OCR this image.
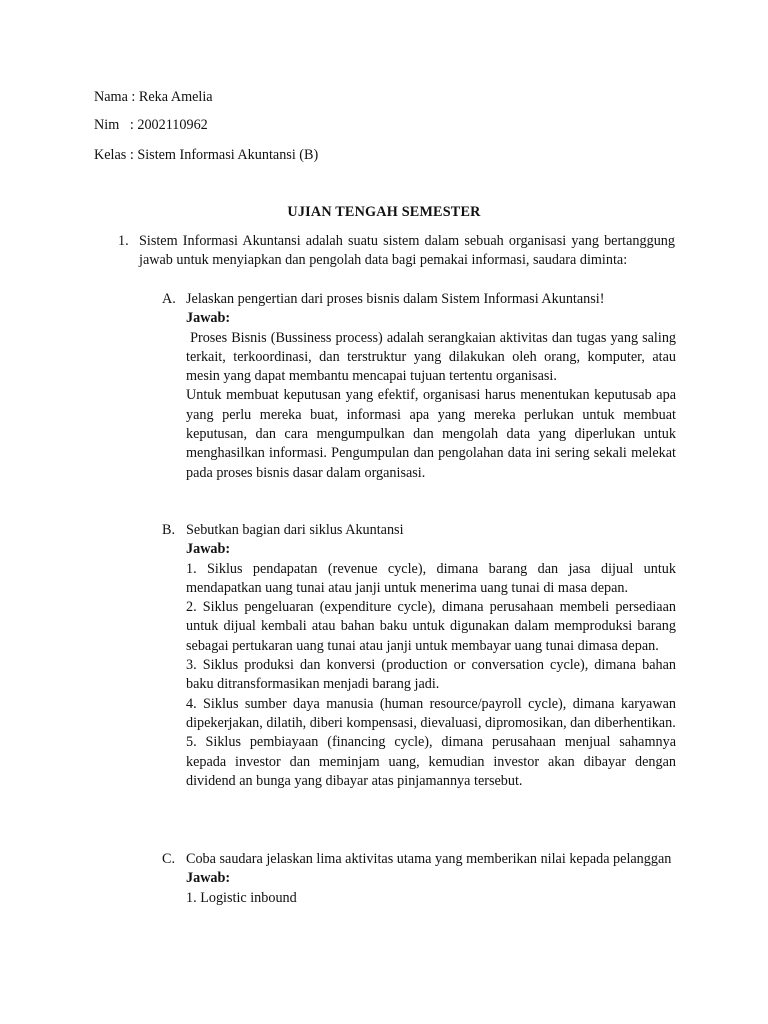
Nama : Reka Amelia
Nim   : 2002110962
Kelas : Sistem Informasi Akuntansi (B)
UJIAN TENGAH SEMESTER
1. Sistem Informasi Akuntansi adalah suatu sistem dalam sebuah organisasi yang bertanggung jawab untuk menyiapkan dan pengolah data bagi pemakai informasi, saudara diminta:
A. Jelaskan pengertian dari proses bisnis dalam Sistem Informasi Akuntansi!

Jawab:

Proses Bisnis (Bussiness process) adalah serangkaian aktivitas dan tugas yang saling terkait, terkoordinasi, dan terstruktur yang dilakukan oleh orang, komputer, atau mesin yang dapat membantu mencapai tujuan tertentu organisasi.

Untuk membuat keputusan yang efektif, organisasi harus menentukan keputusab apa yang perlu mereka buat, informasi apa yang mereka perlukan untuk membuat keputusan, dan cara mengumpulkan dan mengolah data yang diperlukan untuk menghasilkan informasi. Pengumpulan dan pengolahan data ini sering sekali melekat pada proses bisnis dasar dalam organisasi.

B. Sebutkan bagian dari siklus Akuntansi

Jawab:

1. Siklus pendapatan (revenue cycle), dimana barang dan jasa dijual untuk mendapatkan uang tunai atau janji untuk menerima uang tunai di masa depan.

2. Siklus pengeluaran (expenditure cycle), dimana perusahaan membeli persediaan untuk dijual kembali atau bahan baku untuk digunakan dalam memproduksi barang sebagai pertukaran uang tunai atau janji untuk membayar uang tunai dimasa depan.

3. Siklus produksi dan konversi (production or conversation cycle), dimana bahan baku ditransformasikan menjadi barang jadi.

4. Siklus sumber daya manusia (human resource/payroll cycle), dimana karyawan dipekerjakan, dilatih, diberi kompensasi, dievaluasi, dipromosikan, dan diberhentikan.

5. Siklus pembiayaan (financing cycle), dimana perusahaan menjual sahamnya kepada investor dan meminjam uang, kemudian investor akan dibayar dengan dividend an bunga yang dibayar atas pinjamannya tersebut.

C. Coba saudara jelaskan lima aktivitas utama yang memberikan nilai kepada pelanggan

Jawab:

1. Logistic inbound
